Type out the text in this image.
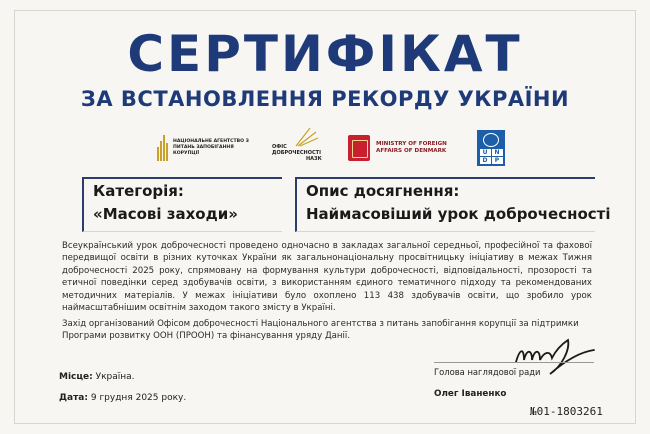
СЕРТИФІКАТ
ЗА ВСТАНОВЛЕННЯ РЕКОРДУ УКРАЇНИ
НАЦІОНАЛЬНЕ АГЕНТСТВО З ПИТАНЬ ЗАПОБІГАННЯ КОРУПЦІЇ
ОФІС
ДОБРОЧЕСНОСТІ
НАЗК
MINISTRY OF FOREIGN AFFAIRS OF DENMARK	U	N
D	P
Категорія:
«Масові заходи»
Опис досягнення:
Наймасовіший урок доброчесності

Всеукраїнський урок доброчесності проведено одночасно в закладах загальної середньої, професійної та фахової передвищої освіти в різних куточках України як загальнонаціональну просвітницьку ініціативу в межах Тижня доброчесності 2025 року, спрямовану на формування культури доброчесності, відповідальності, прозорості та етичної поведінки серед здобувачів освіти, з використанням єдиного тематичного підходу та рекомендованих методичних матеріалів. У межах ініціативи було охоплено 113 438 здобувачів освіти, що зробило урок наймасштабнішим освітнім заходом такого змісту в Україні.

Захід організований Офісом доброчесності Національного агентства з питань запобігання корупції за підтримки Програми розвитку ООН (ПРООН) та фінансування уряду Данії.

Місце: Україна.
Дата: 9 грудня 2025 року.
Голова наглядової ради
Олег Іваненко
№01-1803261
